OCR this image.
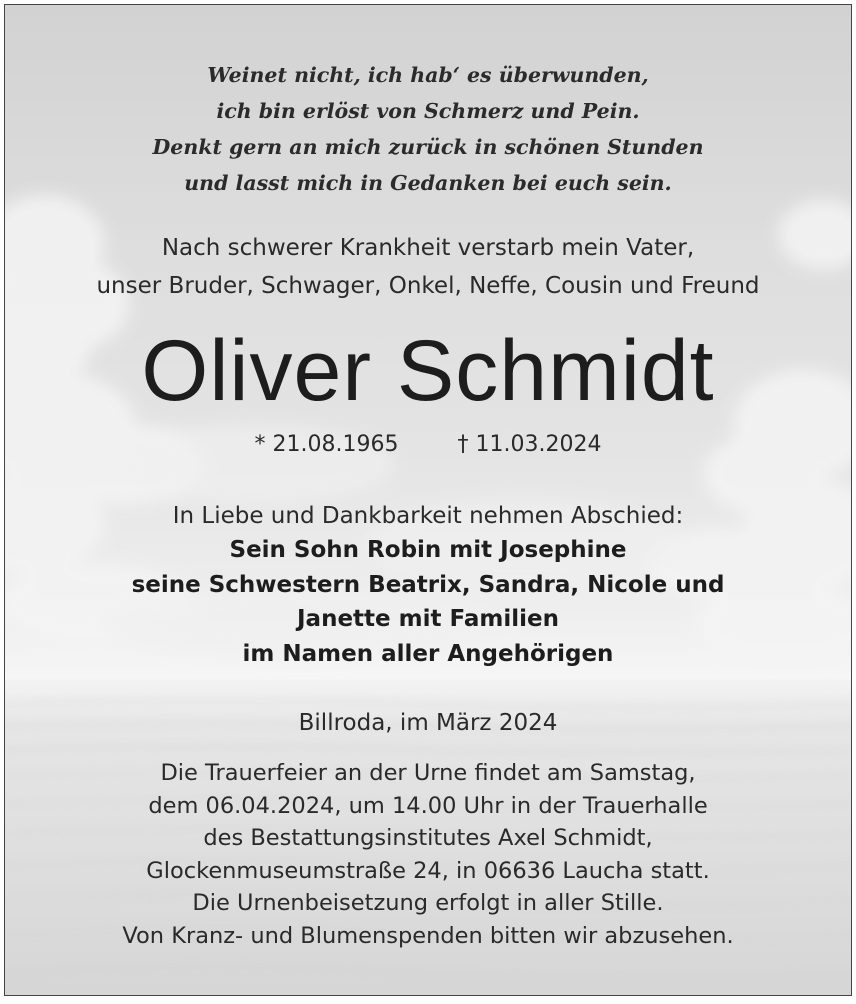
Weinet nicht, ich hab‘ es überwunden,
ich bin erlöst von Schmerz und Pein.
Denkt gern an mich zurück in schönen Stunden
und lasst mich in Gedanken bei euch sein.
Nach schwerer Krankheit verstarb mein Vater,
unser Bruder, Schwager, Onkel, Neffe, Cousin und Freund
Oliver Schmidt
* 21.08.1965	† 11.03.2024
In Liebe und Dankbarkeit nehmen Abschied:
Sein Sohn Robin mit Josephine
seine Schwestern Beatrix, Sandra, Nicole und
Janette mit Familien
im Namen aller Angehörigen
Billroda, im März 2024
Die Trauerfeier an der Urne findet am Samstag,
dem 06.04.2024, um 14.00 Uhr in der Trauerhalle
des Bestattungsinstitutes Axel Schmidt,
Glockenmuseumstraße 24, in 06636 Laucha statt.
Die Urnenbeisetzung erfolgt in aller Stille.
Von Kranz- und Blumenspenden bitten wir abzusehen.
